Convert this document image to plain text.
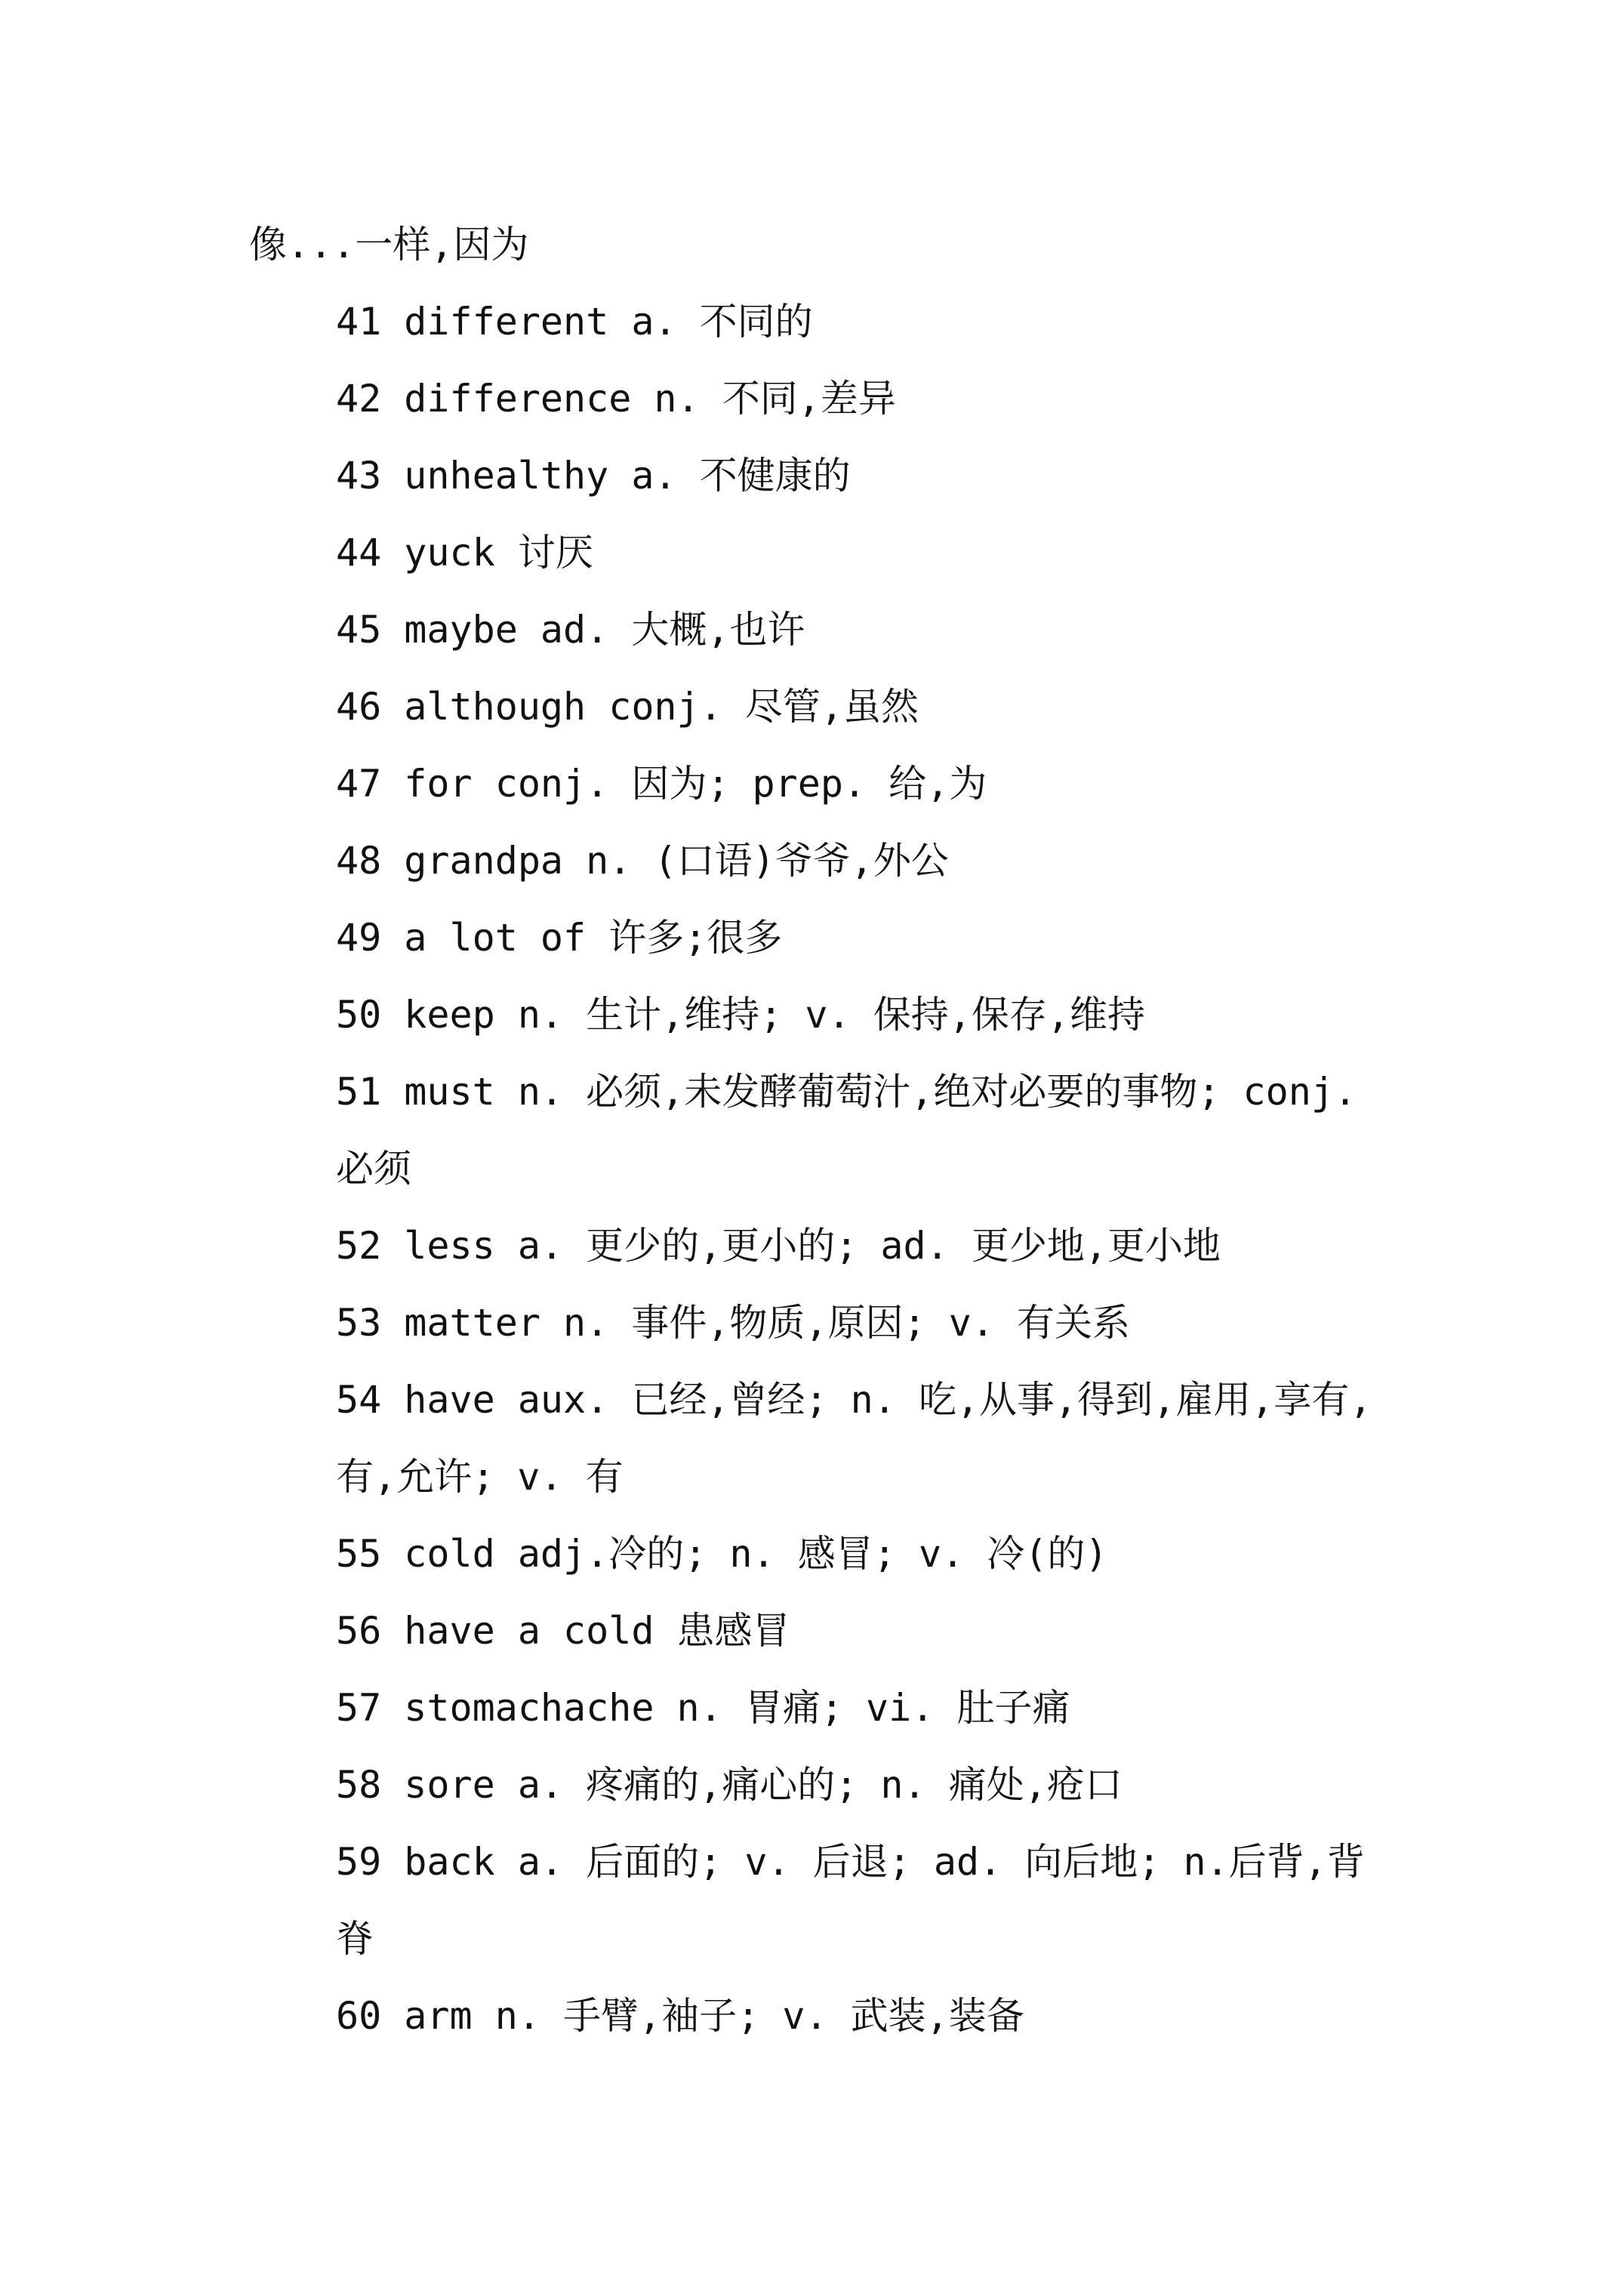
像...一样,因为

41 different a. 不同的

42 difference n. 不同,差异

43 unhealthy a. 不健康的

44 yuck 讨厌

45 maybe ad. 大概,也许

46 although conj. 尽管,虽然

47 for conj. 因为; prep. 给,为

48 grandpa n. (口语)爷爷,外公

49 a lot of 许多;很多

50 keep n. 生计,维持; v. 保持,保存,维持

51 must n. 必须,未发酵葡萄汁,绝对必要的事物; conj. 必须

52 less a. 更少的,更小的; ad. 更少地,更小地

53 matter n. 事件,物质,原因; v. 有关系

54 have aux. 已经,曾经; n. 吃,从事,得到,雇用,享有,有,允许; v. 有

55 cold adj.冷的; n. 感冒; v. 冷(的)

56 have a cold 患感冒

57 stomachache n. 胃痛; vi. 肚子痛

58 sore a. 疼痛的,痛心的; n. 痛处,疮口

59 back a. 后面的; v. 后退; ad. 向后地; n.后背,背脊

60 arm n. 手臂,袖子; v. 武装,装备
